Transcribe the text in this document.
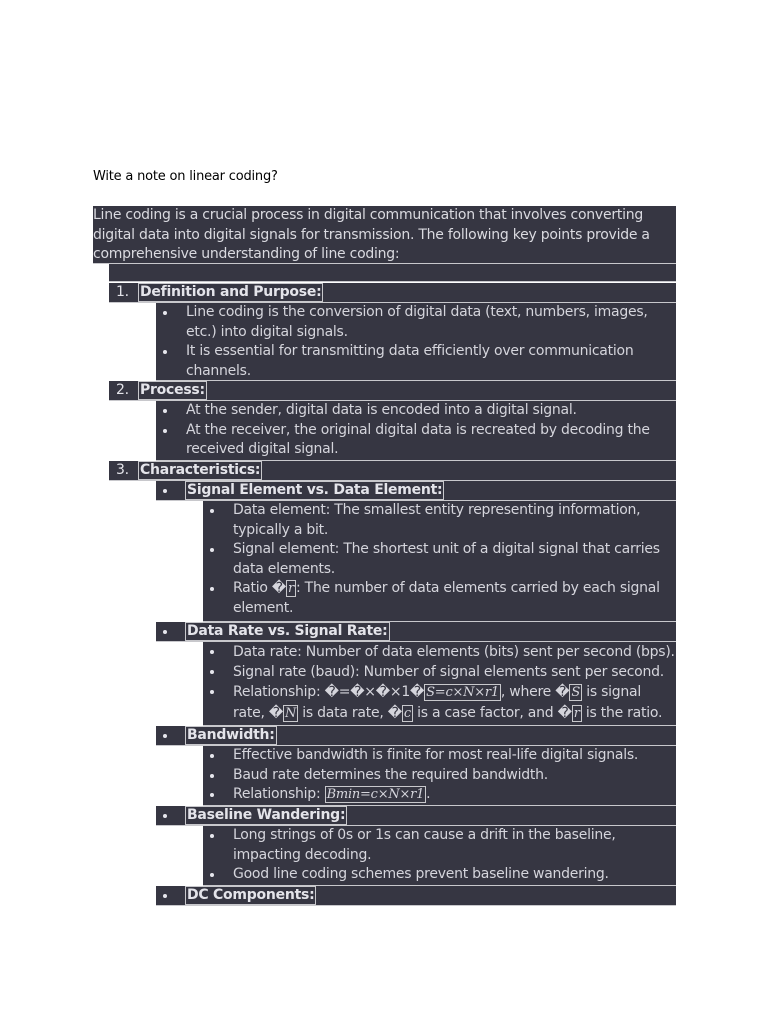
Wite a note on linear coding?
Line coding is a crucial process in digital communication that involves converting digital data into digital signals for transmission. The following key points provide a comprehensive understanding of line coding:
1. Definition and Purpose:
Line coding is the conversion of digital data (text, numbers, images, etc.) into digital signals.
It is essential for transmitting data efficiently over communication channels.
2. Process:
At the sender, digital data is encoded into a digital signal.
At the receiver, the original digital data is recreated by decoding the received digital signal.
3. Characteristics:
Signal Element vs. Data Element:
Data element: The smallest entity representing information, typically a bit.
Signal element: The shortest unit of a digital signal that carries data elements.
Ratio � r : The number of data elements carried by each signal element.
Data Rate vs. Signal Rate:
Data rate: Number of data elements (bits) sent per second (bps).
Signal rate (baud): Number of signal elements sent per second.
Relationship: �=�×�×1� S=c×N×r1 , where � S is signal
rate, � N is data rate, � c is a case factor, and � r is the ratio.
Bandwidth:
Effective bandwidth is finite for most real-life digital signals.
Baud rate determines the required bandwidth.
Relationship: Bmin=c×N×r1 .
Baseline Wandering:
Long strings of 0s or 1s can cause a drift in the baseline, impacting decoding.
Good line coding schemes prevent baseline wandering.
DC Components:
